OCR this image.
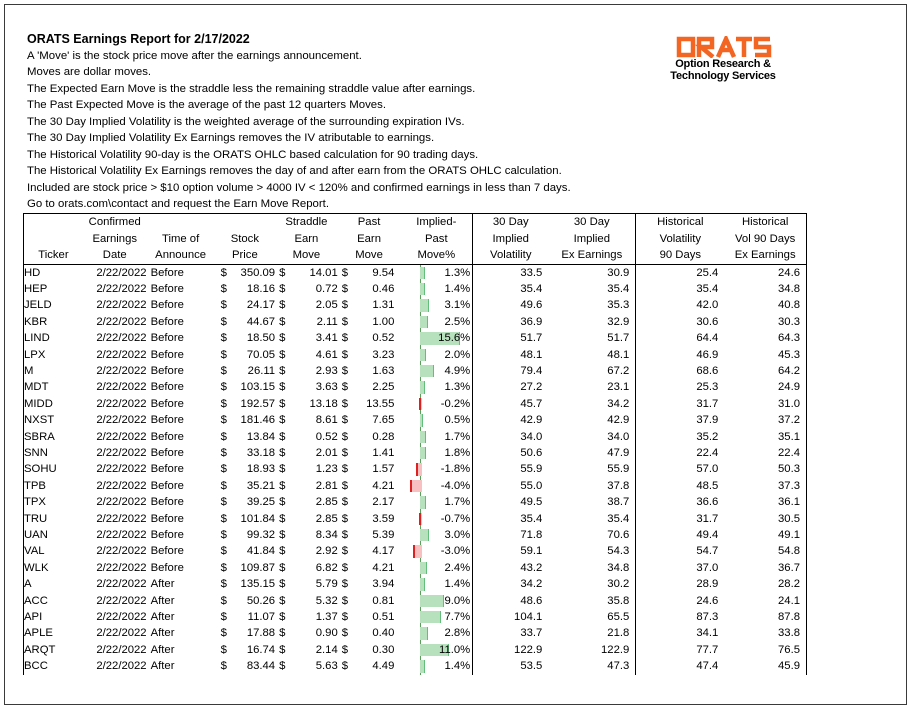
ORATS Earnings Report for 2/17/2022
A 'Move' is the stock price move after the earnings announcement.
Moves are dollar moves.
The Expected Earn Move is the straddle less the remaining straddle value after earnings.
The Past Expected Move is the average of the past 12 quarters Moves.
The 30 Day Implied Volatility is the weighted average of the surrounding expiration IVs.
The 30 Day Implied Volatility Ex Earnings removes the IV atributable to earnings.
The Historical Volatility 90-day is the ORATS OHLC based calculation for 90 trading days.
The Historical Volatility Ex Earnings removes the day of and after earn from the ORATS OHLC calculation.
Included are stock price > $10 option volume > 4000 IV < 120% and confirmed earnings in less than 7 days.
Go to orats.com\contact and request the Earn Move Report.
Option Research &
Technology Services
	Confirmed				Straddle		Past		Implied-	30 Day	30 Day	Historical	Historical
	Earnings	Time of	Stock		Earn		Earn		Past	Implied	Implied	Volatility	Vol 90 Days
Ticker	Date	Announce	Price		Move		Move		Move%	Volatility	Ex Earnings	90 Days	Ex Earnings
HD	2/22/2022	Before	$	350.09	$	14.01	$	9.54	1.3%	33.5	30.9	25.4	24.6
HEP	2/22/2022	Before	$	18.16	$	0.72	$	0.46	1.4%	35.4	35.4	35.4	34.8
JELD	2/22/2022	Before	$	24.17	$	2.05	$	1.31	3.1%	49.6	35.3	42.0	40.8
KBR	2/22/2022	Before	$	44.67	$	2.11	$	1.00	2.5%	36.9	32.9	30.6	30.3
LIND	2/22/2022	Before	$	18.50	$	3.41	$	0.52	15.6%	51.7	51.7	64.4	64.3
LPX	2/22/2022	Before	$	70.05	$	4.61	$	3.23	2.0%	48.1	48.1	46.9	45.3
M	2/22/2022	Before	$	26.11	$	2.93	$	1.63	4.9%	79.4	67.2	68.6	64.2
MDT	2/22/2022	Before	$	103.15	$	3.63	$	2.25	1.3%	27.2	23.1	25.3	24.9
MIDD	2/22/2022	Before	$	192.57	$	13.18	$	13.55	-0.2%	45.7	34.2	31.7	31.0
NXST	2/22/2022	Before	$	181.46	$	8.61	$	7.65	0.5%	42.9	42.9	37.9	37.2
SBRA	2/22/2022	Before	$	13.84	$	0.52	$	0.28	1.7%	34.0	34.0	35.2	35.1
SNN	2/22/2022	Before	$	33.18	$	2.01	$	1.41	1.8%	50.6	47.9	22.4	22.4
SOHU	2/22/2022	Before	$	18.93	$	1.23	$	1.57	-1.8%	55.9	55.9	57.0	50.3
TPB	2/22/2022	Before	$	35.21	$	2.81	$	4.21	-4.0%	55.0	37.8	48.5	37.3
TPX	2/22/2022	Before	$	39.25	$	2.85	$	2.17	1.7%	49.5	38.7	36.6	36.1
TRU	2/22/2022	Before	$	101.84	$	2.85	$	3.59	-0.7%	35.4	35.4	31.7	30.5
UAN	2/22/2022	Before	$	99.32	$	8.34	$	5.39	3.0%	71.8	70.6	49.4	49.1
VAL	2/22/2022	Before	$	41.84	$	2.92	$	4.17	-3.0%	59.1	54.3	54.7	54.8
WLK	2/22/2022	Before	$	109.87	$	6.82	$	4.21	2.4%	43.2	34.8	37.0	36.7
A	2/22/2022	After	$	135.15	$	5.79	$	3.94	1.4%	34.2	30.2	28.9	28.2
ACC	2/22/2022	After	$	50.26	$	5.32	$	0.81	9.0%	48.6	35.8	24.6	24.1
API	2/22/2022	After	$	11.07	$	1.37	$	0.51	7.7%	104.1	65.5	87.3	87.8
APLE	2/22/2022	After	$	17.88	$	0.90	$	0.40	2.8%	33.7	21.8	34.1	33.8
ARQT	2/22/2022	After	$	16.74	$	2.14	$	0.30	11.0%	122.9	122.9	77.7	76.5
BCC	2/22/2022	After	$	83.44	$	5.63	$	4.49	1.4%	53.5	47.3	47.4	45.9
